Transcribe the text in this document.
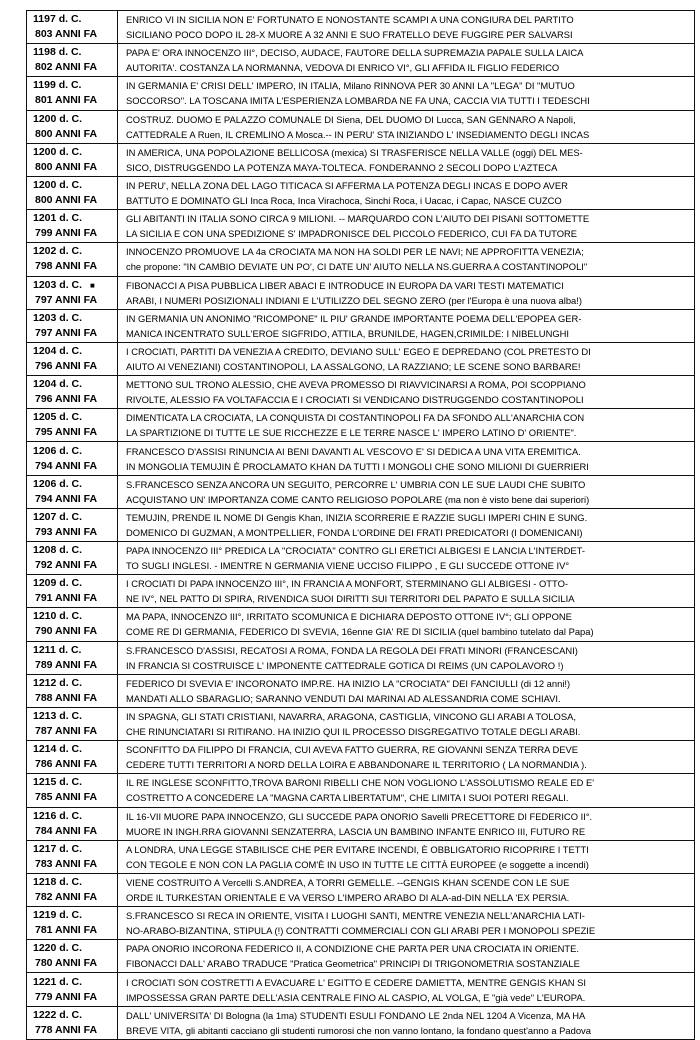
1197 d. C.
803 ANNI FA
ENRICO VI IN SICILIA NON E' FORTUNATO E NONOSTANTE SCAMPI A UNA CONGIURA DEL PARTITO
SICILIANO POCO DOPO IL 28-X MUORE A 32 ANNI E SUO FRATELLO DEVE FUGGIRE PER SALVARSI
1198 d. C.
802 ANNI FA
PAPA E' ORA INNOCENZO III°, DECISO, AUDACE, FAUTORE DELLA SUPREMAZIA PAPALE SULLA LAICA
AUTORITA'. COSTANZA LA NORMANNA, VEDOVA DI ENRICO VI°, GLI AFFIDA IL FIGLIO FEDERICO
1199 d. C.
801 ANNI FA
IN GERMANIA E' CRISI DELL' IMPERO, IN ITALIA, Milano RINNOVA PER 30 ANNI LA "LEGA" DI "MUTUO
SOCCORSO". LA TOSCANA IMITA L'ESPERIENZA LOMBARDA NE FA UNA, CACCIA VIA TUTTI I TEDESCHI
1200 d. C.
800 ANNI FA
COSTRUZ. DUOMO E PALAZZO COMUNALE DI Siena, DEL DUOMO DI Lucca, SAN GENNARO A Napoli,
CATTEDRALE A Ruen, IL CREMLINO A Mosca.-- IN PERU' STA INIZIANDO L' INSEDIAMENTO DEGLI INCAS
1200 d. C.
800 ANNI FA
IN AMERICA, UNA POPOLAZIONE BELLICOSA (mexica) SI TRASFERISCE NELLA VALLE (oggi) DEL MES-
SICO, DISTRUGGENDO LA POTENZA MAYA-TOLTECA. FONDERANNO 2 SECOLI DOPO L'AZTECA
1200 d. C.
800 ANNI FA
IN PERU', NELLA ZONA DEL LAGO TITICACA SI AFFERMA LA POTENZA DEGLI INCAS E DOPO AVER
BATTUTO E DOMINATO GLI Inca Roca, Inca Virachoca, Sinchi Roca, i Uacac, i Capac, NASCE CUZCO
1201 d. C.
799 ANNI FA
GLI ABITANTI IN ITALIA SONO CIRCA 9 MILIONI. -- MARQUARDO CON L'AIUTO DEI PISANI SOTTOMETTE
LA SICILIA E CON UNA SPEDIZIONE S' IMPADRONISCE DEL PICCOLO FEDERICO, CUI FA DA TUTORE
1202 d. C.
798 ANNI FA
INNOCENZO PROMUOVE LA 4a CROCIATA MA NON HA SOLDI PER LE NAVI; NE APPROFITTA VENEZIA;
che propone: "IN CAMBIO DEVIATE UN PO', CI DATE UN' AIUTO NELLA NS.GUERRA A COSTANTINOPOLI"
1203 d. C. ■
797 ANNI FA
FIBONACCI A PISA PUBBLICA LIBER ABACI E INTRODUCE IN EUROPA DA VARI TESTI MATEMATICI
ARABI, I NUMERI POSIZIONALI INDIANI E L'UTILIZZO DEL SEGNO ZERO (per l'Europa è una nuova alba!)
1203 d. C.
797 ANNI FA
IN GERMANIA UN ANONIMO "RICOMPONE" IL PIU' GRANDE IMPORTANTE POEMA DELL'EPOPEA GER-
MANICA INCENTRATO SULL'EROE SIGFRIDO, ATTILA, BRUNILDE, HAGEN,CRIMILDE: I NIBELUNGHI
1204 d. C.
796 ANNI FA
I CROCIATI, PARTITI DA VENEZIA A CREDITO, DEVIANO SULL' EGEO E DEPREDANO (COL PRETESTO DI
AIUTO AI VENEZIANI) COSTANTINOPOLI, LA ASSALGONO, LA RAZZIANO; LE SCENE SONO BARBARE!
1204 d. C.
796 ANNI FA
METTONO SUL TRONO ALESSIO, CHE AVEVA PROMESSO DI RIAVVICINARSI A ROMA, POI SCOPPIANO
RIVOLTE, ALESSIO FA VOLTAFACCIA E I CROCIATI SI VENDICANO DISTRUGGENDO COSTANTINOPOLI
1205 d. C.
795 ANNI FA
DIMENTICATA LA CROCIATA, LA CONQUISTA DI COSTANTINOPOLI FA DA SFONDO ALL'ANARCHIA CON
LA SPARTIZIONE DI TUTTE LE SUE RICCHEZZE E LE TERRE NASCE L' IMPERO LATINO D' ORIENTE".
1206 d. C.
794 ANNI FA
FRANCESCO D'ASSISI RINUNCIA AI BENI DAVANTI AL VESCOVO E' SI DEDICA A UNA VITA EREMITICA.
IN MONGOLIA TEMUJIN È PROCLAMATO KHAN DA TUTTI I MONGOLI CHE SONO MILIONI DI GUERRIERI
1206 d. C.
794 ANNI FA
S.FRANCESCO SENZA ANCORA UN SEGUITO, PERCORRE L' UMBRIA CON LE SUE LAUDI CHE SUBITO
ACQUISTANO UN' IMPORTANZA COME CANTO RELIGIOSO POPOLARE (ma non è visto bene dai superiori)
1207 d. C.
793 ANNI FA
TEMUJIN, PRENDE IL NOME DI Gengis Khan, INIZIA SCORRERIE E RAZZIE SUGLI IMPERI CHIN E SUNG.
DOMENICO DI GUZMAN, A MONTPELLIER, FONDA L'ORDINE DEI FRATI PREDICATORI (I DOMENICANI)
1208 d. C.
792 ANNI FA
PAPA INNOCENZO III° PREDICA LA "CROCIATA" CONTRO GLI ERETICI ALBIGESI E LANCIA L'INTERDET-
TO SUGLI INGLESI. - IMENTRE N GERMANIA VIENE UCCISO FILIPPO , E GLI SUCCEDE OTTONE IV°
1209 d. C.
791 ANNI FA
I CROCIATI DI PAPA INNOCENZO III°, IN FRANCIA A MONFORT, STERMINANO GLI ALBIGESI - OTTO-
NE IV°, NEL PATTO DI SPIRA, RIVENDICA SUOI DIRITTI SUI TERRITORI DEL PAPATO E SULLA SICILIA
1210 d. C.
790 ANNI FA
MA PAPA, INNOCENZO III°, IRRITATO SCOMUNICA E DICHIARA DEPOSTO OTTONE IV°; GLI OPPONE
COME RE DI GERMANIA, FEDERICO DI SVEVIA, 16enne GIA' RE DI SICILIA (quel bambino tutelato dal Papa)
1211 d. C.
789 ANNI FA
S.FRANCESCO D'ASSISI, RECATOSI A ROMA, FONDA LA REGOLA DEI FRATI MINORI (FRANCESCANI)
IN FRANCIA SI COSTRUISCE L' IMPONENTE CATTEDRALE GOTICA DI REIMS (UN CAPOLAVORO !)
1212 d. C.
788 ANNI FA
FEDERICO DI SVEVIA E' INCORONATO IMP.RE. HA INIZIO LA "CROCIATA" DEI FANCIULLI (di 12 anni!)
MANDATI ALLO SBARAGLIO; SARANNO VENDUTI DAI MARINAI AD ALESSANDRIA COME SCHIAVI.
1213 d. C.
787 ANNI FA
IN SPAGNA, GLI STATI CRISTIANI, NAVARRA, ARAGONA, CASTIGLIA, VINCONO GLI ARABI A TOLOSA,
CHE RINUNCIATARI SI RITIRANO. HA INIZIO QUI IL PROCESSO DISGREGATIVO TOTALE DEGLI ARABI.
1214 d. C.
786 ANNI FA
SCONFITTO DA FILIPPO DI FRANCIA, CUI AVEVA FATTO GUERRA, RE GIOVANNI SENZA TERRA DEVE
CEDERE TUTTI TERRITORI A NORD DELLA LOIRA E ABBANDONARE IL TERRITORIO ( LA NORMANDIA ).
1215 d. C.
785 ANNI FA
IL RE INGLESE SCONFITTO,TROVA BARONI RIBELLI CHE NON VOGLIONO L'ASSOLUTISMO REALE ED E'
COSTRETTO A CONCEDERE LA "MAGNA CARTA LIBERTATUM", CHE LIMITA I SUOI POTERI REGALI.
1216 d. C.
784 ANNI FA
IL 16-VII MUORE PAPA INNOCENZO, GLI SUCCEDE PAPA ONORIO Savelli PRECETTORE DI FEDERICO II°.
MUORE IN INGH.RRA GIOVANNI SENZATERRA, LASCIA UN BAMBINO INFANTE ENRICO III, FUTURO RE
1217 d. C.
783 ANNI FA
A LONDRA, UNA LEGGE STABILISCE CHE PER EVITARE INCENDI, È OBBLIGATORIO RICOPRIRE I TETTI
CON TEGOLE E NON CON LA PAGLIA COM'È IN USO IN TUTTE LE CITTÀ EUROPEE (e soggette a incendi)
1218 d. C.
782 ANNI FA
VIENE COSTRUITO A Vercelli S.ANDREA, A TORRI GEMELLE. --GENGIS KHAN SCENDE CON LE SUE
ORDE IL TURKESTAN ORIENTALE E VA VERSO L'IMPERO ARABO DI ALA-ad-DIN NELLA 'EX PERSIA.
1219 d. C.
781 ANNI FA
S.FRANCESCO SI RECA IN ORIENTE, VISITA I LUOGHI SANTI, MENTRE VENEZIA NELL'ANARCHIA LATI-
NO-ARABO-BIZANTINA, STIPULA (!) CONTRATTI COMMERCIALI CON GLI ARABI PER I MONOPOLI SPEZIE
1220 d. C.
780 ANNI FA
PAPA ONORIO INCORONA FEDERICO II, A CONDIZIONE CHE PARTA PER UNA CROCIATA IN ORIENTE.
FIBONACCI DALL' ARABO TRADUCE "Pratica Geometrica" PRINCIPI DI TRIGONOMETRIA SOSTANZIALE
1221 d. C.
779 ANNI FA
I CROCIATI SON COSTRETTI A EVACUARE L' EGITTO E CEDERE DAMIETTA, MENTRE GENGIS KHAN SI
IMPOSSESSA GRAN PARTE DELL'ASIA CENTRALE FINO AL CASPIO, AL VOLGA, E "già vede" L'EUROPA.
1222 d. C.
778 ANNI FA
DALL' UNIVERSITA' DI Bologna (la 1ma) STUDENTI ESULI FONDANO LE 2nda NEL 1204 A Vicenza, MA HA
BREVE VITA, gli abitanti cacciano gli studenti rumorosi che non vanno lontano, la fondano quest'anno a Padova
